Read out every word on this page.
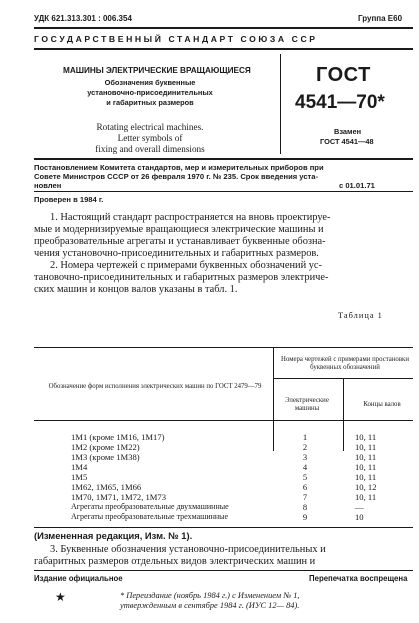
УДК 621.313.301 : 006.354	Группа Е60
ГОСУДАРСТВЕННЫЙ СТАНДАРТ СОЮЗА ССР
МАШИНЫ ЭЛЕКТРИЧЕСКИЕ ВРАЩАЮЩИЕСЯ
Обозначения буквенные
установочно-присоединительных
и габаритных размеров
Rotating electrical machines.
Letter symbols of
fixing and overall dimensions
ГОСТ
4541—70*
Взамен
ГОСТ 4541—48
Постановлением Комитета стандартов, мер и измерительных приборов при
Совете Министров СССР от 26 февраля 1970 г. № 235. Срок введения уста-
новлен	с 01.01.71
Проверен в 1984 г.
1. Настоящий стандарт распространяется на вновь проектируе-
мые и модернизируемые вращающиеся электрические машины и
преобразовательные агрегаты и устанавливает буквенные обозна-
чения установочно-присоединительных и габаритных размеров.
2. Номера чертежей с примерами буквенных обозначений ус-
тановочно-присоединительных и габаритных размеров электриче-
ских машин и концов валов указаны в табл. 1.
Таблица 1
Обозначение форм исполнения электрических машин по ГОСТ 2479—79
Номера чертежей с примерами простановки буквенных обозначений
Электрические машины
Концы валов
1М1 (кроме 1М16, 1М17)	1	10, 11
1М2 (кроме 1М22)	2	10, 11
1М3 (кроме 1М38)	3	10, 11
1М4	4	10, 11
1М5	5	10, 11
1М62, 1М65, 1М66	6	10, 12
1М70, 1М71, 1М72, 1М73	7	10, 11
Агрегаты преобразовательные двухмашинные	8	—
Агрегаты преобразовательные трехмашинные	9	10
(Измененная редакция, Изм. № 1).
3. Буквенные обозначения установочно-присоединительных и
габаритных размеров отдельных видов электрических машин и
Издание официальное	Перепечатка воспрещена
★	* Переиздание (ноябрь 1984 г.) с Изменением № 1,
утвержденным в сентябре 1984 г. (ИУС 12— 84).
